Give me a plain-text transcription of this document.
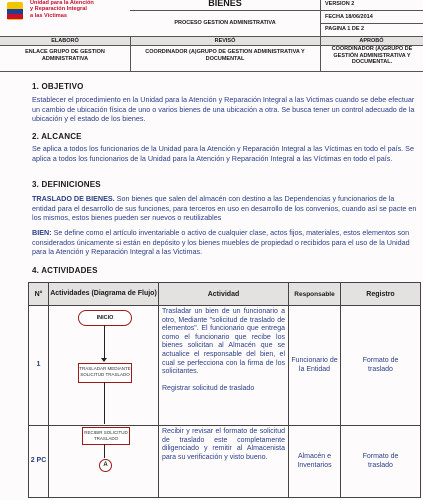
Unidad para la Atención
y Reparación Integral
a las Víctimas
BIENES
PROCESO GESTION ADMINISTRATIVA
VERSION 2
FECHA 18/06/2014
PAGINA 1 DE 2
ELABORÓ	REVISÓ	APROBÓ
ENLACE GRUPO DE GESTION ADMINISTRATIVA
COORDINADOR (A)GRUPO DE GESTION ADMINISTRATIVA Y DOCUMENTAL
COORDINADOR (A)GRUPO DE GESTIÓN ADMINISTRATIVA Y DOCUMENTAL.
1. OBJETIVO
Establecer el procedimiento en la Unidad para la Atención y Reparación Integral a las Victimas cuando se debe efectuar un cambio de ubicación física de uno o varios bienes de una ubicación a otra. Se busca tener un control adecuado de la ubicación y el estado de los bienes.
2. ALCANCE
Se aplica a todos los funcionarios de la Unidad para la Atención y Reparación Integral a las Víctimas en todo el país. Se aplica a todos los funcionarios de la Unidad para la Atención y Reparación Integral a las Víctimas en todo el país.
3. DEFINICIONES
TRASLADO DE BIENES. Son bienes que salen del almacén con destino a las Dependencias y funcionarios de la entidad para el desarrollo de sus funciones, para terceros en uso en desarrollo de los convenios, cuando así se pacte en los mismos, estos bienes pueden ser nuevos o reutilizables
BIEN: Se define como el artículo inventariable o activo de cualquier clase, actos fijos, materiales, estos elementos son considerados únicamente si están en depósito y los bienes muebles de propiedad o recibidos para el uso de la Unidad para la Atención y Reparación Integral a las Victimas.
4. ACTIVIDADES
N°	Actividades (Diagrama de Flujo)	Actividad	Responsable	Registro
1		Trasladar un bien de un funcionario a otro, Mediante "solicitud de traslado de elementos". El funcionario que entrega como el funcionario que recibe los bienes solicitan al Almacén que se actualice el responsable del bien, el cual se perfecciona con la firma de los solicitantes.
Registrar solicitud de traslado	Funcionario de la Entidad	Formato de traslado
2 PC		Recibir y revisar el formato de solicitud de traslado este completamente diligenciado y remitir al Almacenista para su verificación y visto bueno.	Almacén e Inventarios	Formato de traslado
INICIO
TRASLADAR MEDIANTE SOLICITUD TRASLADO
RECIBIR SOLICITUD TRASLADO
A
